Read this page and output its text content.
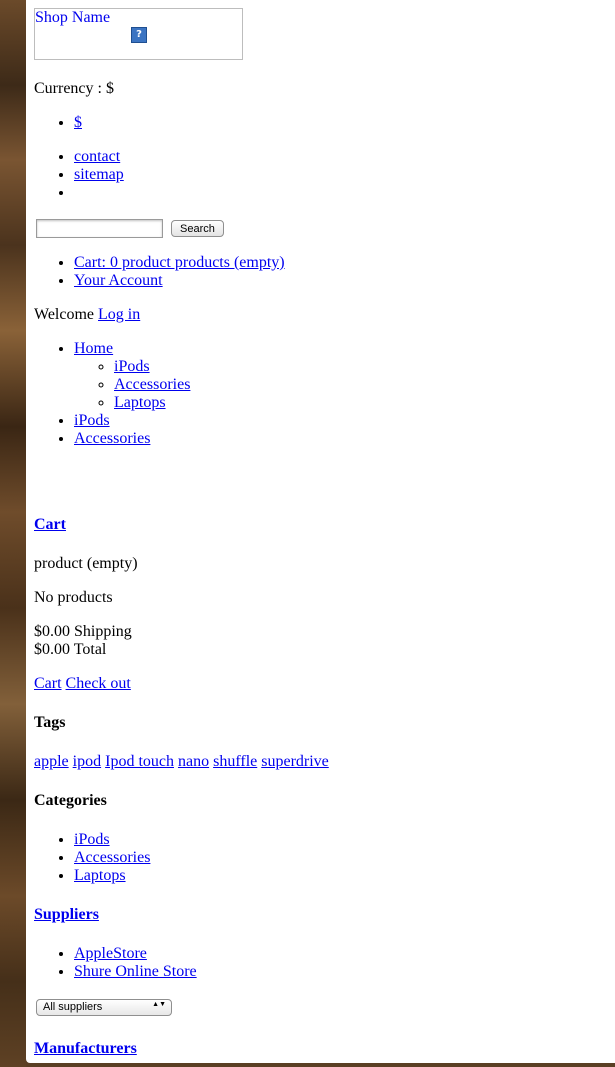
Shop Name
?

Currency : $

• $
• contact
• sitemap
•
Search
• Cart: 0 product products (empty)
• Your Account

Welcome Log in

• Home
◦ iPods
◦ Accessories
◦ Laptops
• iPods
• Accessories
Cart

product (empty)

No products

$0.00 Shipping
$0.00 Total

Cart Check out

Tags

apple ipod Ipod touch nano shuffle superdrive

Categories
• iPods
• Accessories
• Laptops
Suppliers
• AppleStore
• Shure Online Store
All suppliers	▲▼
Manufacturers
